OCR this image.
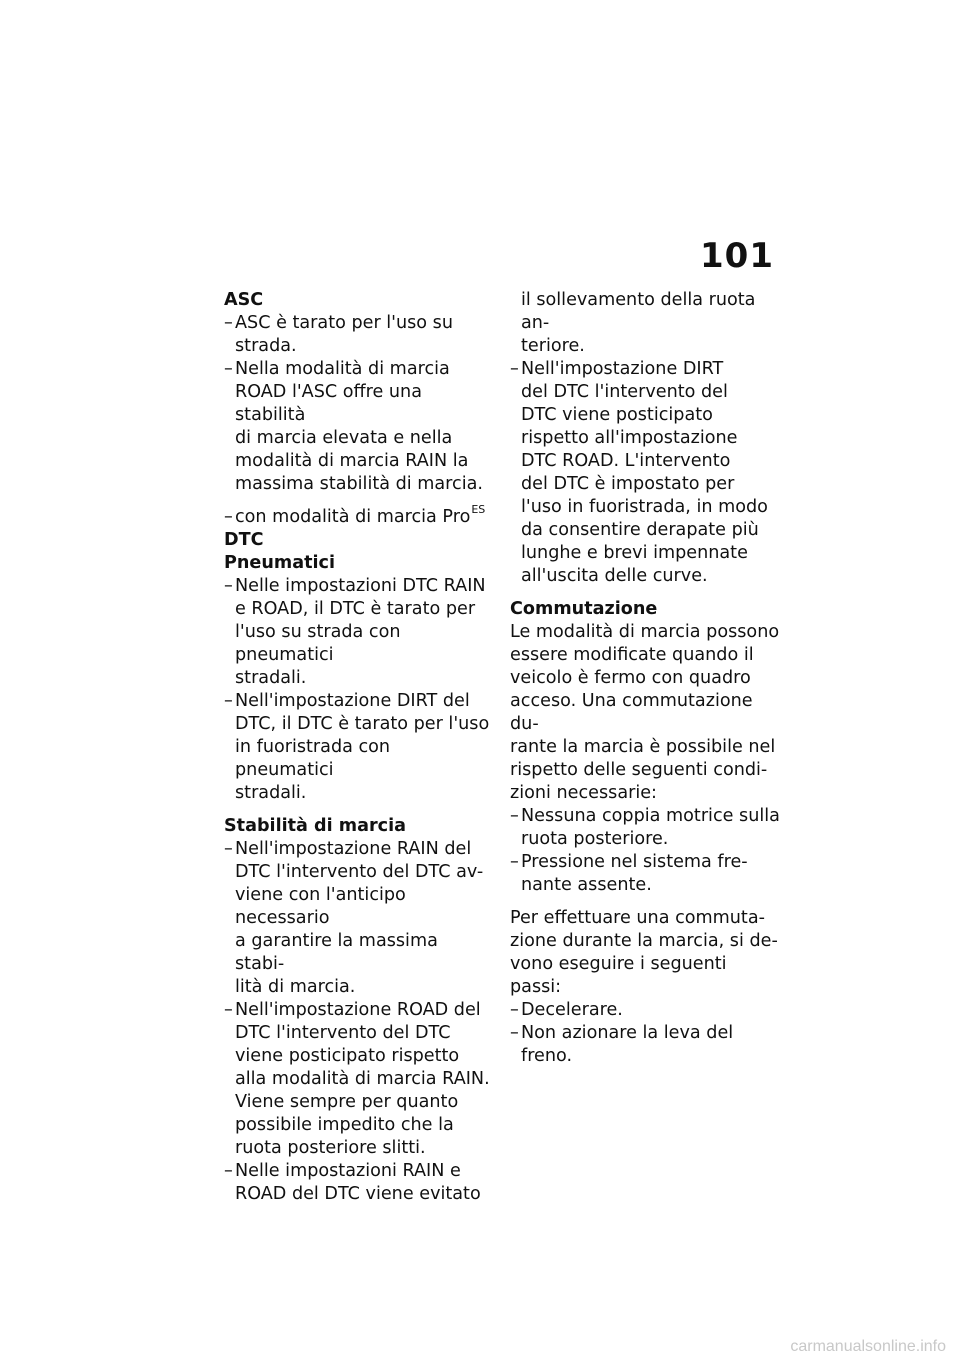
101

ASC

– ASC è tarato per l'uso su
strada.
– Nella modalità di marcia
ROAD l'ASC offre una stabilità
di marcia elevata e nella
modalità di marcia RAIN la
massima stabilità di marcia.

– con modalità di marcia Pro$^{ES}$

DTC

Pneumatici

– Nelle impostazioni DTC RAIN
e ROAD, il DTC è tarato per
l'uso su strada con pneumatici
stradali.
– Nell'impostazione DIRT del
DTC, il DTC è tarato per l'uso
in fuoristrada con pneumatici
stradali.

Stabilità di marcia

– Nell'impostazione RAIN del
DTC l'intervento del DTC av-
viene con l'anticipo necessario
a garantire la massima stabi-
lità di marcia.
– Nell'impostazione ROAD del
DTC l'intervento del DTC
viene posticipato rispetto
alla modalità di marcia RAIN.
Viene sempre per quanto
possibile impedito che la
ruota posteriore slitti.
– Nelle impostazioni RAIN e
ROAD del DTC viene evitato
il sollevamento della ruota an-
teriore.
– Nell'impostazione DIRT
del DTC l'intervento del
DTC viene posticipato
rispetto all'impostazione
DTC ROAD. L'intervento
del DTC è impostato per
l'uso in fuoristrada, in modo
da consentire derapate più
lunghe e brevi impennate
all'uscita delle curve.

Commutazione

Le modalità di marcia possono
essere modificate quando il
veicolo è fermo con quadro
acceso. Una commutazione du-
rante la marcia è possibile nel
rispetto delle seguenti condi-
zioni necessarie:
– Nessuna coppia motrice sulla
ruota posteriore.
– Pressione nel sistema fre-
nante assente.
Per effettuare una commuta-
zione durante la marcia, si de-
vono eseguire i seguenti passi:
– Decelerare.
– Non azionare la leva del freno.
carmanualsonline.info
